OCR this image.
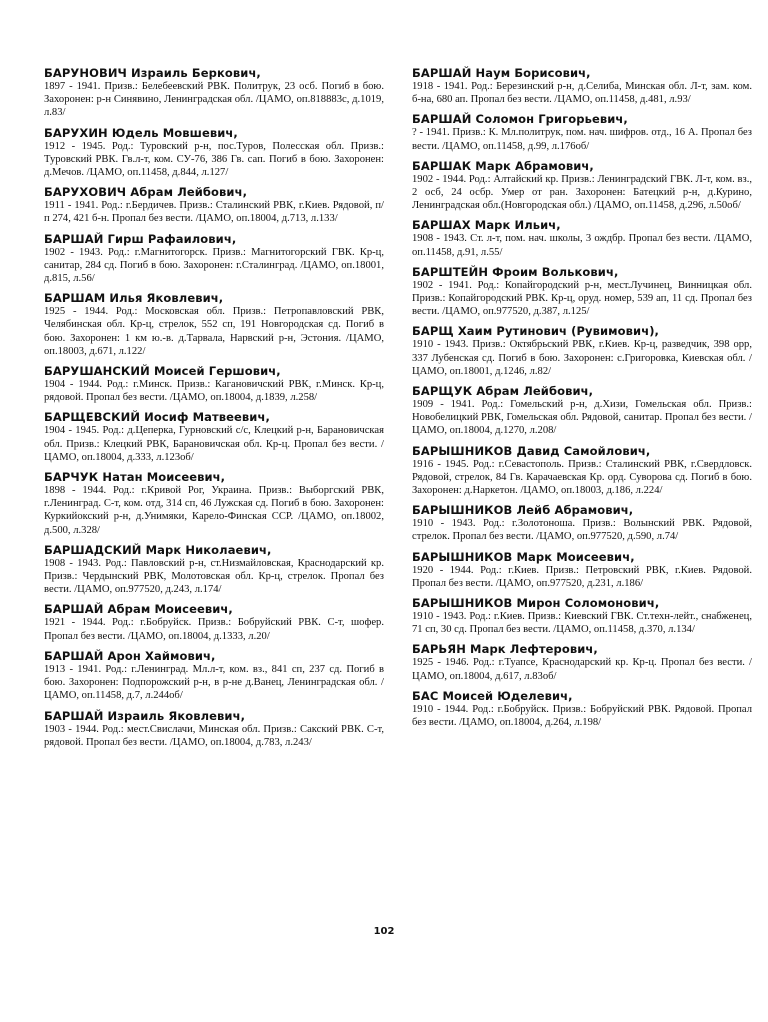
БАРУНОВИЧ Израиль Беркович,
1897 - 1941. Призв.: Белебеевский РВК. Политрук, 23 осб. Погиб в бою. Захоронен: р-н Синявино, Ленинградская обл. /ЦАМО, оп.818883с, д.1019, л.83/
БАРУХИН Юдель Мовшевич,
1912 - 1945. Род.: Туровский р-н, пос.Туров, Полесская обл. Призв.: Туровский РВК. Гв.л-т, ком. СУ-76, 386 Гв. сап. Погиб в бою. Захоронен: д.Мечов. /ЦАМО, оп.11458, д.844, л.127/
БАРУХОВИЧ Абрам Лейбович,
1911 - 1941. Род.: г.Бердичев. Призв.: Сталинский РВК, г.Киев. Рядовой, п/п 274, 421 б-н. Пропал без вести. /ЦАМО, оп.18004, д.713, л.133/
БАРШАЙ Гирш Рафаилович,
1902 - 1943. Род.: г.Магнитогорск. Призв.: Магнитогорский ГВК. Кр-ц, санитар, 284 сд. Погиб в бою. Захоронен: г.Сталинград. /ЦАМО, оп.18001, д.815, л.56/
БАРШАМ Илья Яковлевич,
1925 - 1944. Род.: Московская обл. Призв.: Петропавловский РВК, Челябинская обл. Кр-ц, стрелок, 552 сп, 191 Новгородская сд. Погиб в бою. Захоронен: 1 км ю.-в. д.Тарвала, Нарвский р-н, Эстония. /ЦАМО, оп.18003, д.671, л.122/
БАРУШАНСКИЙ Моисей Гершович,
1904 - 1944. Род.: г.Минск. Призв.: Кагановичский РВК, г.Минск. Кр-ц, рядовой. Пропал без вести. /ЦАМО, оп.18004, д.1839, л.258/
БАРЩЕВСКИЙ Иосиф Матвеевич,
1904 - 1945. Род.: д.Цеперка, Гурновский с/с, Клецкий р-н, Барановичская обл. Призв.: Клецкий РВК, Барановичская обл. Кр-ц. Пропал без вести. /ЦАМО, оп.18004, д.333, л.123об/
БАРЧУК Натан Моисеевич,
1898 - 1944. Род.: г.Кривой Рог, Украина. Призв.: Выборгский РВК, г.Ленинград. С-т, ком. отд, 314 сп, 46 Лужская сд. Погиб в бою. Захоронен: Куркийокский р-н, д.Унимяки, Карело-Финская ССР. /ЦАМО, оп.18002, д.500, л.328/
БАРШАДСКИЙ Марк Николаевич,
1908 - 1943. Род.: Павловский р-н, ст.Низмайловская, Краснодарский кр. Призв.: Чердынский РВК, Молотовская обл. Кр-ц, стрелок. Пропал без вести. /ЦАМО, оп.977520, д.243, л.174/
БАРШАЙ Абрам Моисеевич,
1921 - 1944. Род.: г.Бобруйск. Призв.: Бобруйский РВК. С-т, шофер. Пропал без вести. /ЦАМО, оп.18004, д.1333, л.20/
БАРШАЙ Арон Хаймович,
1913 - 1941. Род.: г.Ленинград. Мл.л-т, ком. вз., 841 сп, 237 сд. Погиб в бою. Захоронен: Подпорожский р-н, в р-не д.Ванец, Ленинградская обл. /ЦАМО, оп.11458, д.7, л.244об/
БАРШАЙ Израиль Яковлевич,
1903 - 1944. Род.: мест.Свислачи, Минская обл. Призв.: Сакский РВК. С-т, рядовой. Пропал без вести. /ЦАМО, оп.18004, д.783, л.243/
БАРШАЙ Наум Борисович,
1918 - 1941. Род.: Березинский р-н, д.Селиба, Минская обл. Л-т, зам. ком. б-на, 680 ап. Пропал без вести. /ЦАМО, оп.11458, д.481, л.93/
БАРШАЙ Соломон Григорьевич,
? - 1941. Призв.: К. Мл.политрук, пом. нач. шифров. отд., 16 А. Пропал без вести. /ЦАМО, оп.11458, д.99, л.176об/
БАРШАК Марк Абрамович,
1902 - 1944. Род.: Алтайский кр. Призв.: Ленинградский ГВК. Л-т, ком. вз., 2 осб, 24 осбр. Умер от ран. Захоронен: Батецкий р-н, д.Курино, Ленинградская обл.(Новгородская обл.) /ЦАМО, оп.11458, д.296, л.50об/
БАРШАХ Марк Ильич,
1908 - 1943. Ст. л-т, пом. нач. школы, 3 ождбр. Пропал без вести. /ЦАМО, оп.11458, д.91, л.55/
БАРШТЕЙН Фроим Волькович,
1902 - 1941. Род.: Копайгородский р-н, мест.Лучинец, Винницкая обл. Призв.: Копайгородский РВК. Кр-ц, оруд. номер, 539 ап, 11 сд. Пропал без вести. /ЦАМО, оп.977520, д.387, л.125/
БАРЩ Хаим Рутинович (Рувимович),
1910 - 1943. Призв.: Октябрьский РВК, г.Киев. Кр-ц, разведчик, 398 орр, 337 Лубенская сд. Погиб в бою. Захоронен: с.Григоровка, Киевская обл. /ЦАМО, оп.18001, д.1246, л.82/
БАРЩУК Абрам Лейбович,
1909 - 1941. Род.: Гомельский р-н, д.Хизи, Гомельская обл. Призв.: Новобелицкий РВК, Гомельская обл. Рядовой, санитар. Пропал без вести. /ЦАМО, оп.18004, д.1270, л.208/
БАРЫШНИКОВ Давид Самойлович,
1916 - 1945. Род.: г.Севастополь. Призв.: Сталинский РВК, г.Свердловск. Рядовой, стрелок, 84 Гв. Карачаевская Кр. орд. Суворова сд. Погиб в бою. Захоронен: д.Наркетон. /ЦАМО, оп.18003, д.186, л.224/
БАРЫШНИКОВ Лейб Абрамович,
1910 - 1943. Род.: г.Золотоноша. Призв.: Волынский РВК. Рядовой, стрелок. Пропал без вести. /ЦАМО, оп.977520, д.590, л.74/
БАРЫШНИКОВ Марк Моисеевич,
1920 - 1944. Род.: г.Киев. Призв.: Петровский РВК, г.Киев. Рядовой. Пропал без вести. /ЦАМО, оп.977520, д.231, л.186/
БАРЫШНИКОВ Мирон Соломонович,
1910 - 1943. Род.: г.Киев. Призв.: Киевский ГВК. Ст.техн-лейт., снабженец, 71 сп, 30 сд. Пропал без вести. /ЦАМО, оп.11458, д.370, л.134/
БАРЬЯН Марк Лефтерович,
1925 - 1946. Род.: г.Туапсе, Краснодарский кр. Кр-ц. Пропал без вести. /ЦАМО, оп.18004, д.617, л.83об/
БАС Моисей Юделевич,
1910 - 1944. Род.: г.Бобруйск. Призв.: Бобруйский РВК. Рядовой. Пропал без вести. /ЦАМО, оп.18004, д.264, л.198/
102
